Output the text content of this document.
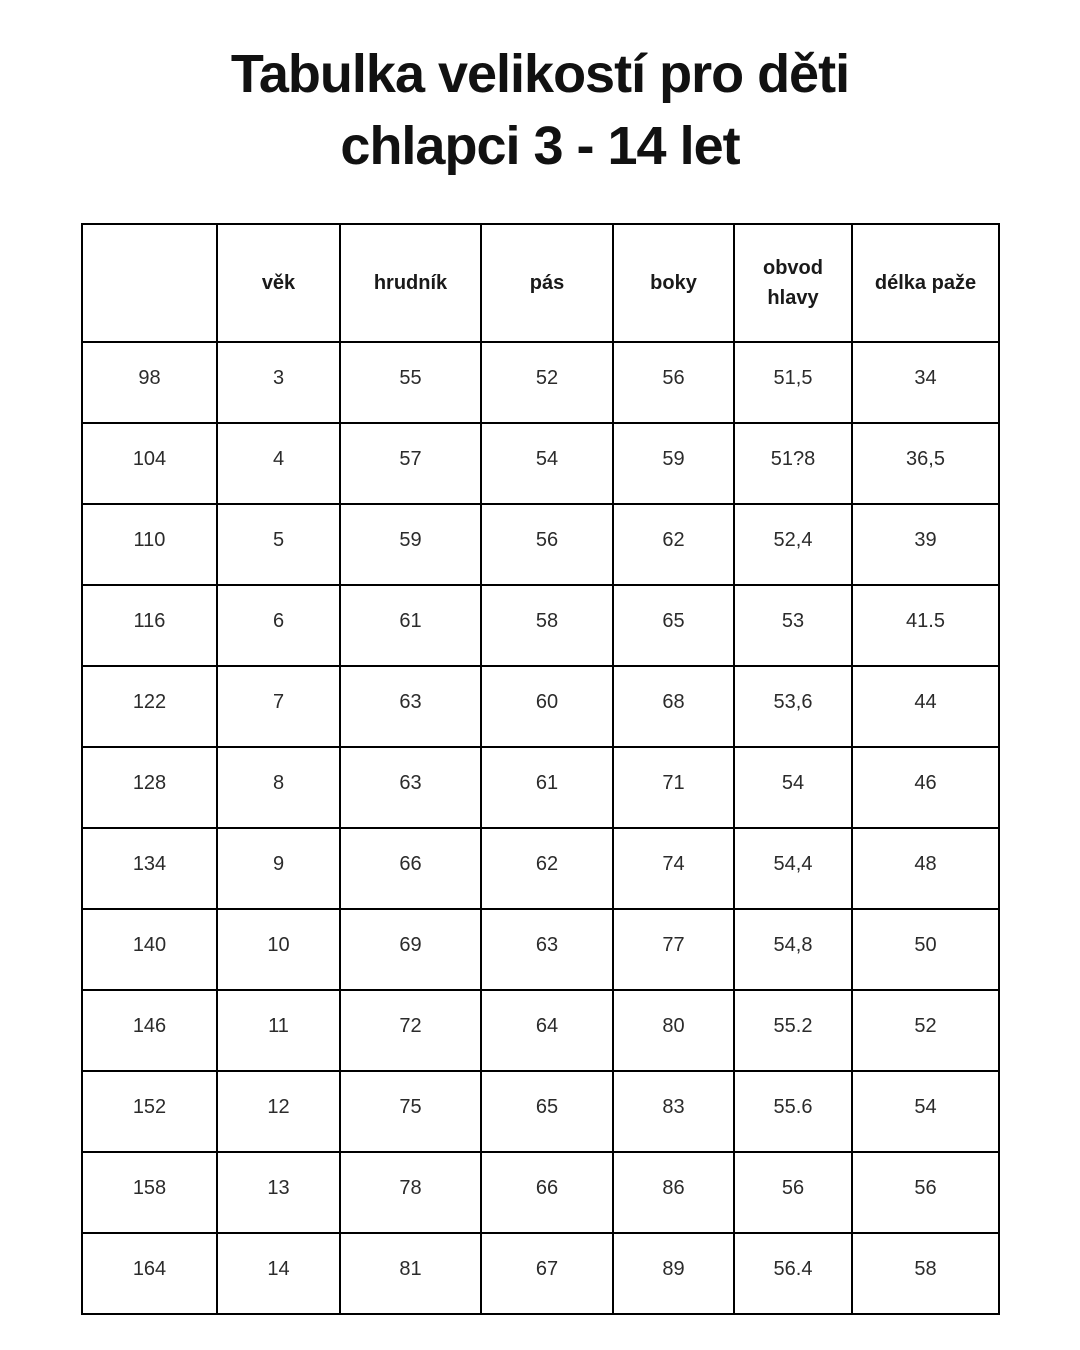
Tabulka velikostí pro děti
chlapci 3 - 14 let
	věk	hrudník	pás	boky	obvod hlavy	délka paže
98	3	55	52	56	51,5	34
104	4	57	54	59	51?8	36,5
110	5	59	56	62	52,4	39
116	6	61	58	65	53	41.5
122	7	63	60	68	53,6	44
128	8	63	61	71	54	46
134	9	66	62	74	54,4	48
140	10	69	63	77	54,8	50
146	11	72	64	80	55.2	52
152	12	75	65	83	55.6	54
158	13	78	66	86	56	56
164	14	81	67	89	56.4	58
